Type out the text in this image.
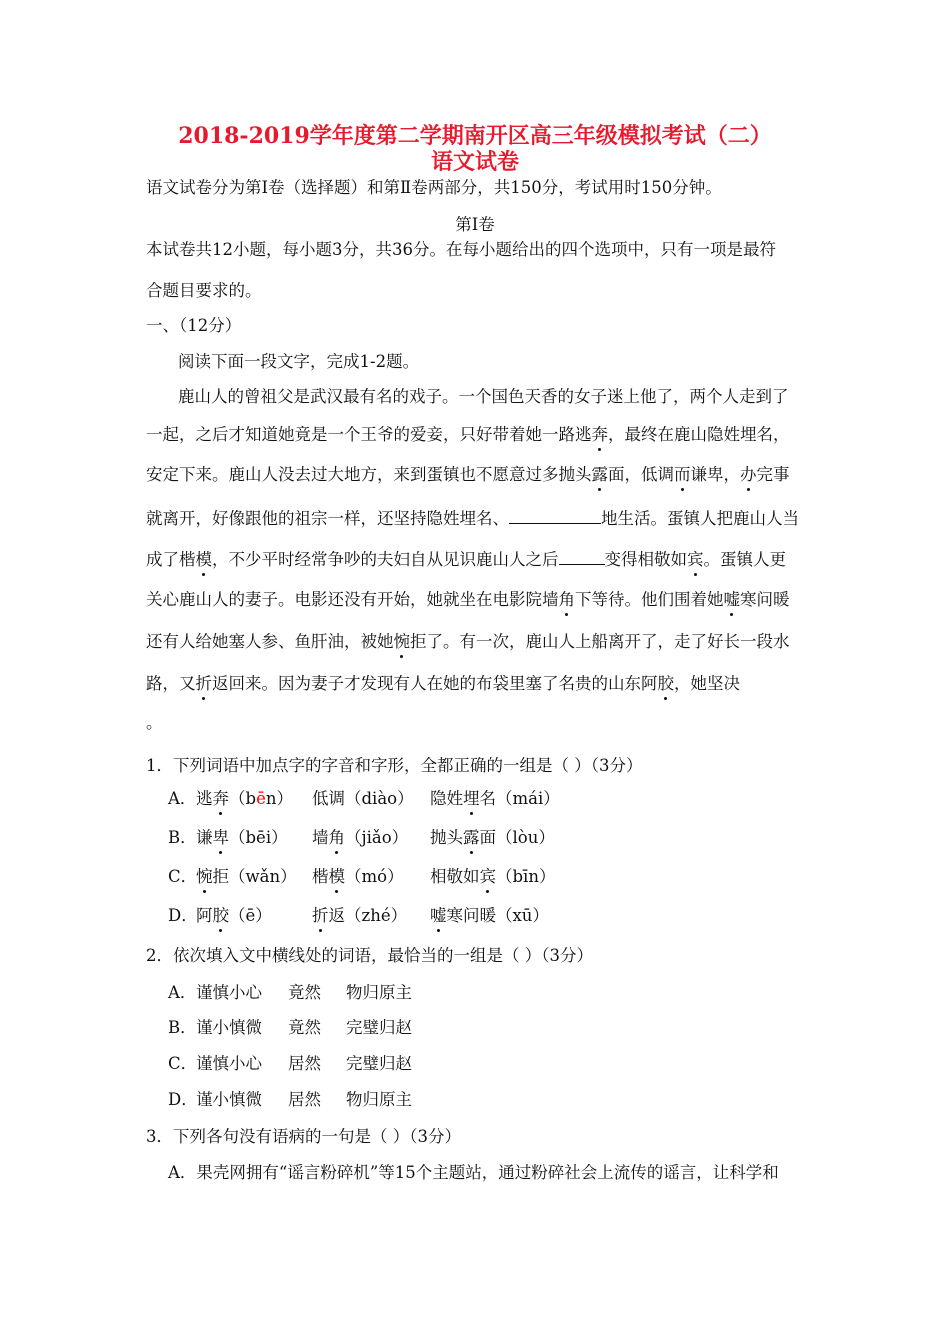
2018-2019学年度第二学期南开区高三年级模拟考试（二）
语文试卷
语文试卷分为第Ⅰ卷（选择题）和第Ⅱ卷两部分，共150分，考试用时150分钟。
第Ⅰ卷
本试卷共12小题，每小题3分，共36分。在每小题给出的四个选项中，只有一项是最符
合题目要求的。
一、（12分）
阅读下面一段文字，完成1-2题。
鹿山人的曾祖父是武汉最有名的戏子。一个国色天香的女子迷上他了，两个人走到了
一起，之后才知道她竟是一个王爷的爱妾，只好带着她一路逃奔，最终在鹿山隐姓埋名，
安定下来。鹿山人没去过大地方，来到蛋镇也不愿意过多抛头露面，低调而谦卑，办完事
就离开，好像跟他的祖宗一样，还坚持隐姓埋名、	地生活。蛋镇人把鹿山人当
成了楷模，不少平时经常争吵的夫妇自从见识鹿山人之后	变得相敬如宾。蛋镇人更
关心鹿山人的妻子。电影还没有开始，她就坐在电影院墙角下等待。他们围着她嘘寒问暖
还有人给她塞人参、鱼肝油，被她惋拒了。有一次，鹿山人上船离开了，走了好长一段水
路，又折返回来。因为妻子才发现有人在她的布袋里塞了名贵的山东阿胶，她坚决
。
1．下列词语中加点字的字音和字形，全都正确的一组是（ ）（3分）
A． 逃奔（bēn） 低调（diào） 隐姓埋名（mái）
B． 谦卑（bēi） 墙角（jiǎo） 抛头露面（lòu）
C．
惋拒（wǎn） 楷模（mó） 相敬如宾（bīn）
D．
阿胶（ē） 折返（zhé） 嘘寒问暖（xū）
2．依次填入文中横线处的词语，最恰当的一组是（ ）（3分）
A． 谨慎小心 竟然 物归原主
B． 谨小慎微 竟然 完璧归赵
C．
谨慎小心 居然 完璧归赵
D．
谨小慎微 居然 物归原主
3．下列各句没有语病的一句是（ ）（3分）
A．果壳网拥有“谣言粉碎机”等15个主题站，通过粉碎社会上流传的谣言，让科学和
